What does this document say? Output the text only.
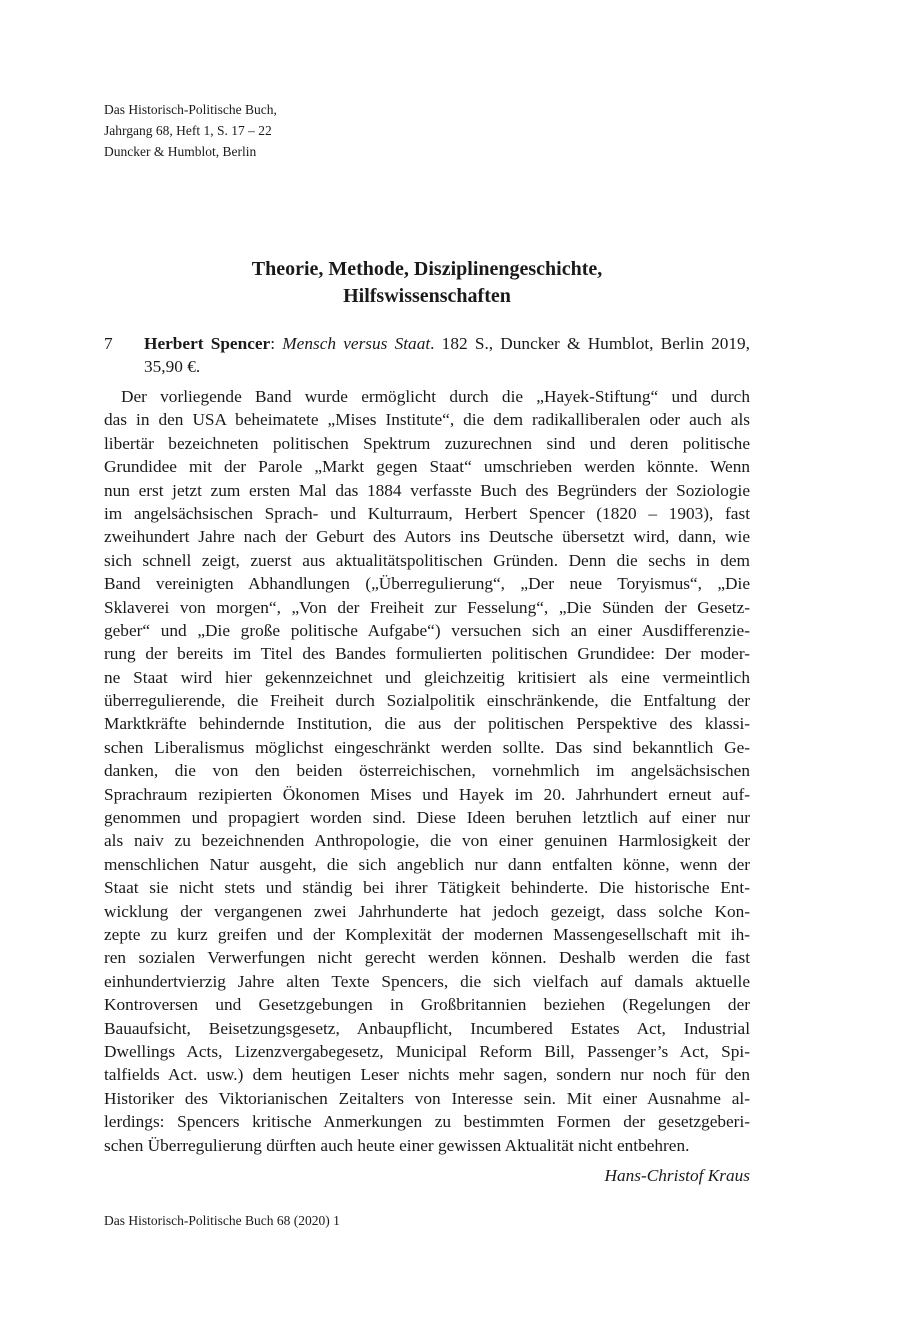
Das Historisch-Politische Buch,
Jahrgang 68, Heft 1, S. 17 – 22
Duncker & Humblot, Berlin
Theorie, Methode, Disziplinengeschichte,
Hilfswissenschaften
7 Herbert Spencer: Mensch versus Staat. 182 S., Duncker & Humblot, Berlin 2019, 35,90 €.
Der vorliegende Band wurde ermöglicht durch die „Hayek-Stiftung“ und durch
das in den USA beheimatete „Mises Institute“, die dem radikalliberalen oder auch als
libertär bezeichneten politischen Spektrum zuzurechnen sind und deren politische
Grundidee mit der Parole „Markt gegen Staat“ umschrieben werden könnte. Wenn
nun erst jetzt zum ersten Mal das 1884 verfasste Buch des Begründers der Soziologie
im angelsächsischen Sprach- und Kulturraum, Herbert Spencer (1820 – 1903), fast
zweihundert Jahre nach der Geburt des Autors ins Deutsche übersetzt wird, dann, wie
sich schnell zeigt, zuerst aus aktualitätspolitischen Gründen. Denn die sechs in dem
Band vereinigten Abhandlungen („Überregulierung“, „Der neue Toryismus“, „Die
Sklaverei von morgen“, „Von der Freiheit zur Fesselung“, „Die Sünden der Gesetz-
geber“ und „Die große politische Aufgabe“) versuchen sich an einer Ausdifferenzie-
rung der bereits im Titel des Bandes formulierten politischen Grundidee: Der moder-
ne Staat wird hier gekennzeichnet und gleichzeitig kritisiert als eine vermeintlich
überregulierende, die Freiheit durch Sozialpolitik einschränkende, die Entfaltung der
Marktkräfte behindernde Institution, die aus der politischen Perspektive des klassi-
schen Liberalismus möglichst eingeschränkt werden sollte. Das sind bekanntlich Ge-
danken, die von den beiden österreichischen, vornehmlich im angelsächsischen
Sprachraum rezipierten Ökonomen Mises und Hayek im 20. Jahrhundert erneut auf-
genommen und propagiert worden sind. Diese Ideen beruhen letztlich auf einer nur
als naiv zu bezeichnenden Anthropologie, die von einer genuinen Harmlosigkeit der
menschlichen Natur ausgeht, die sich angeblich nur dann entfalten könne, wenn der
Staat sie nicht stets und ständig bei ihrer Tätigkeit behinderte. Die historische Ent-
wicklung der vergangenen zwei Jahrhunderte hat jedoch gezeigt, dass solche Kon-
zepte zu kurz greifen und der Komplexität der modernen Massengesellschaft mit ih-
ren sozialen Verwerfungen nicht gerecht werden können. Deshalb werden die fast
einhundertvierzig Jahre alten Texte Spencers, die sich vielfach auf damals aktuelle
Kontroversen und Gesetzgebungen in Großbritannien beziehen (Regelungen der
Bauaufsicht, Beisetzungsgesetz, Anbaupflicht, Incumbered Estates Act, Industrial
Dwellings Acts, Lizenzvergabegesetz, Municipal Reform Bill, Passenger’s Act, Spi-
talfields Act. usw.) dem heutigen Leser nichts mehr sagen, sondern nur noch für den
Historiker des Viktorianischen Zeitalters von Interesse sein. Mit einer Ausnahme al-
lerdings: Spencers kritische Anmerkungen zu bestimmten Formen der gesetzgeberi-
schen Überregulierung dürften auch heute einer gewissen Aktualität nicht entbehren.
Hans-Christof Kraus
Das Historisch-Politische Buch 68 (2020) 1
